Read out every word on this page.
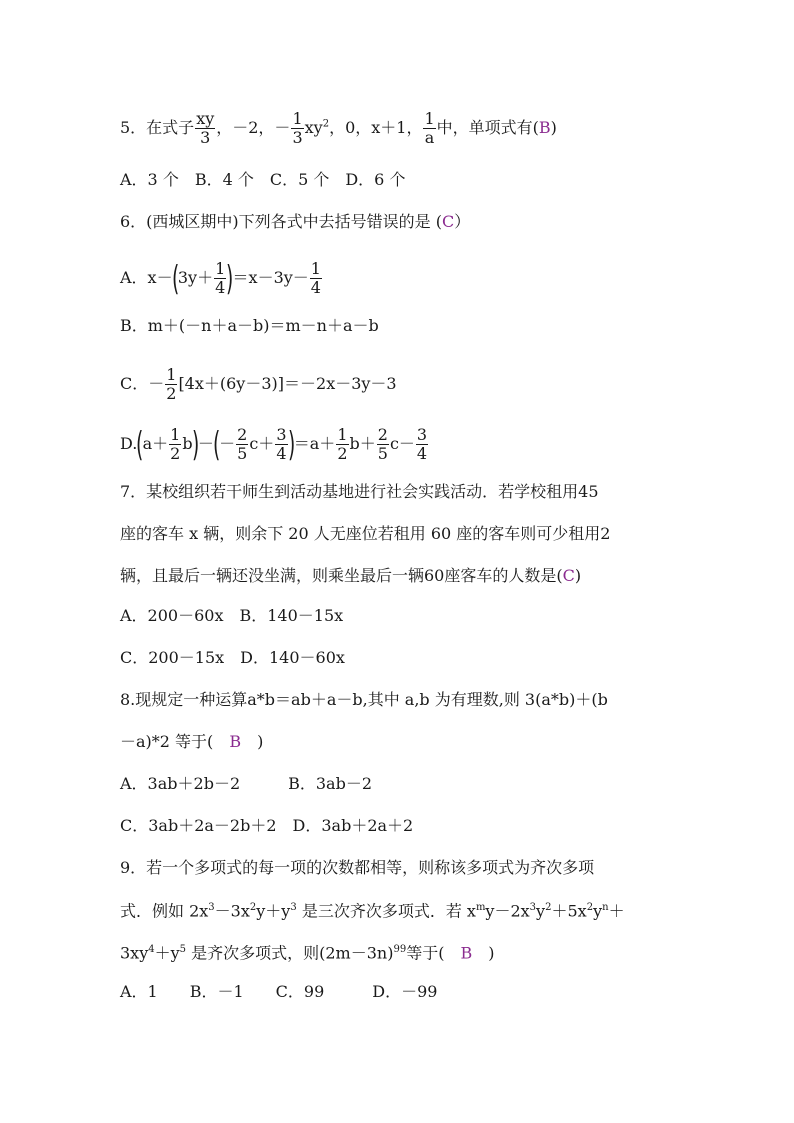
5．在式子 $\frac{xy}{3}$ ，－2，－ $\frac{1}{3} xy^2$，0，x＋1， $\frac{1}{a}$ 中，单项式有(B)
A．3 个　B．4 个　C．5 个　D．6 个
6．(西城区期中)下列各式中去括号错误的是 (C）
A．$x-(3y+ \frac{1}{4} )=x-3y- \frac{1}{4}$
B．m＋(－n＋a－b)＝m－n＋a－b
C．－ $\frac{1}{2} [4x+(6y-3)]=-2x-3y-3$
$D.(a+ \frac{1}{2} b)-(- \frac{2}{5} c+ \frac{3}{4} )=a+ \frac{1}{2} b+ \frac{2}{5} c- \frac{3}{4}$
7．某校组织若干师生到活动基地进行社会实践活动．若学校租用45
座的客车 x 辆，则余下 20 人无座位若租用 60 座的客车则可少租用2
辆，且最后一辆还没坐满，则乘坐最后一辆60座客车的人数是(C)
A．200－60x　B．140－15x
C．200－15x　D．140－60x
8.现规定一种运算a*b＝ab＋a－b,其中 a,b 为有理数,则 3(a*b)＋(b
－a)*2 等于(　 B　 )
A．3ab＋2b－2　　　B．3ab－2
C．3ab＋2a－2b＋2　D．3ab＋2a＋2
9．若一个多项式的每一项的次数都相等，则称该多项式为齐次多项
式．例如 $2x^3-3x^2y+y^3$ 是三次齐次多项式．若 $x^my-2x^3y^2+5x^2y^n+$
$3xy^4+y^5$ 是齐次多项式，则$(2m-3n)^{99}$等于(　 B　 )
A．1　　B．－1　　C．99　　　D．－99
